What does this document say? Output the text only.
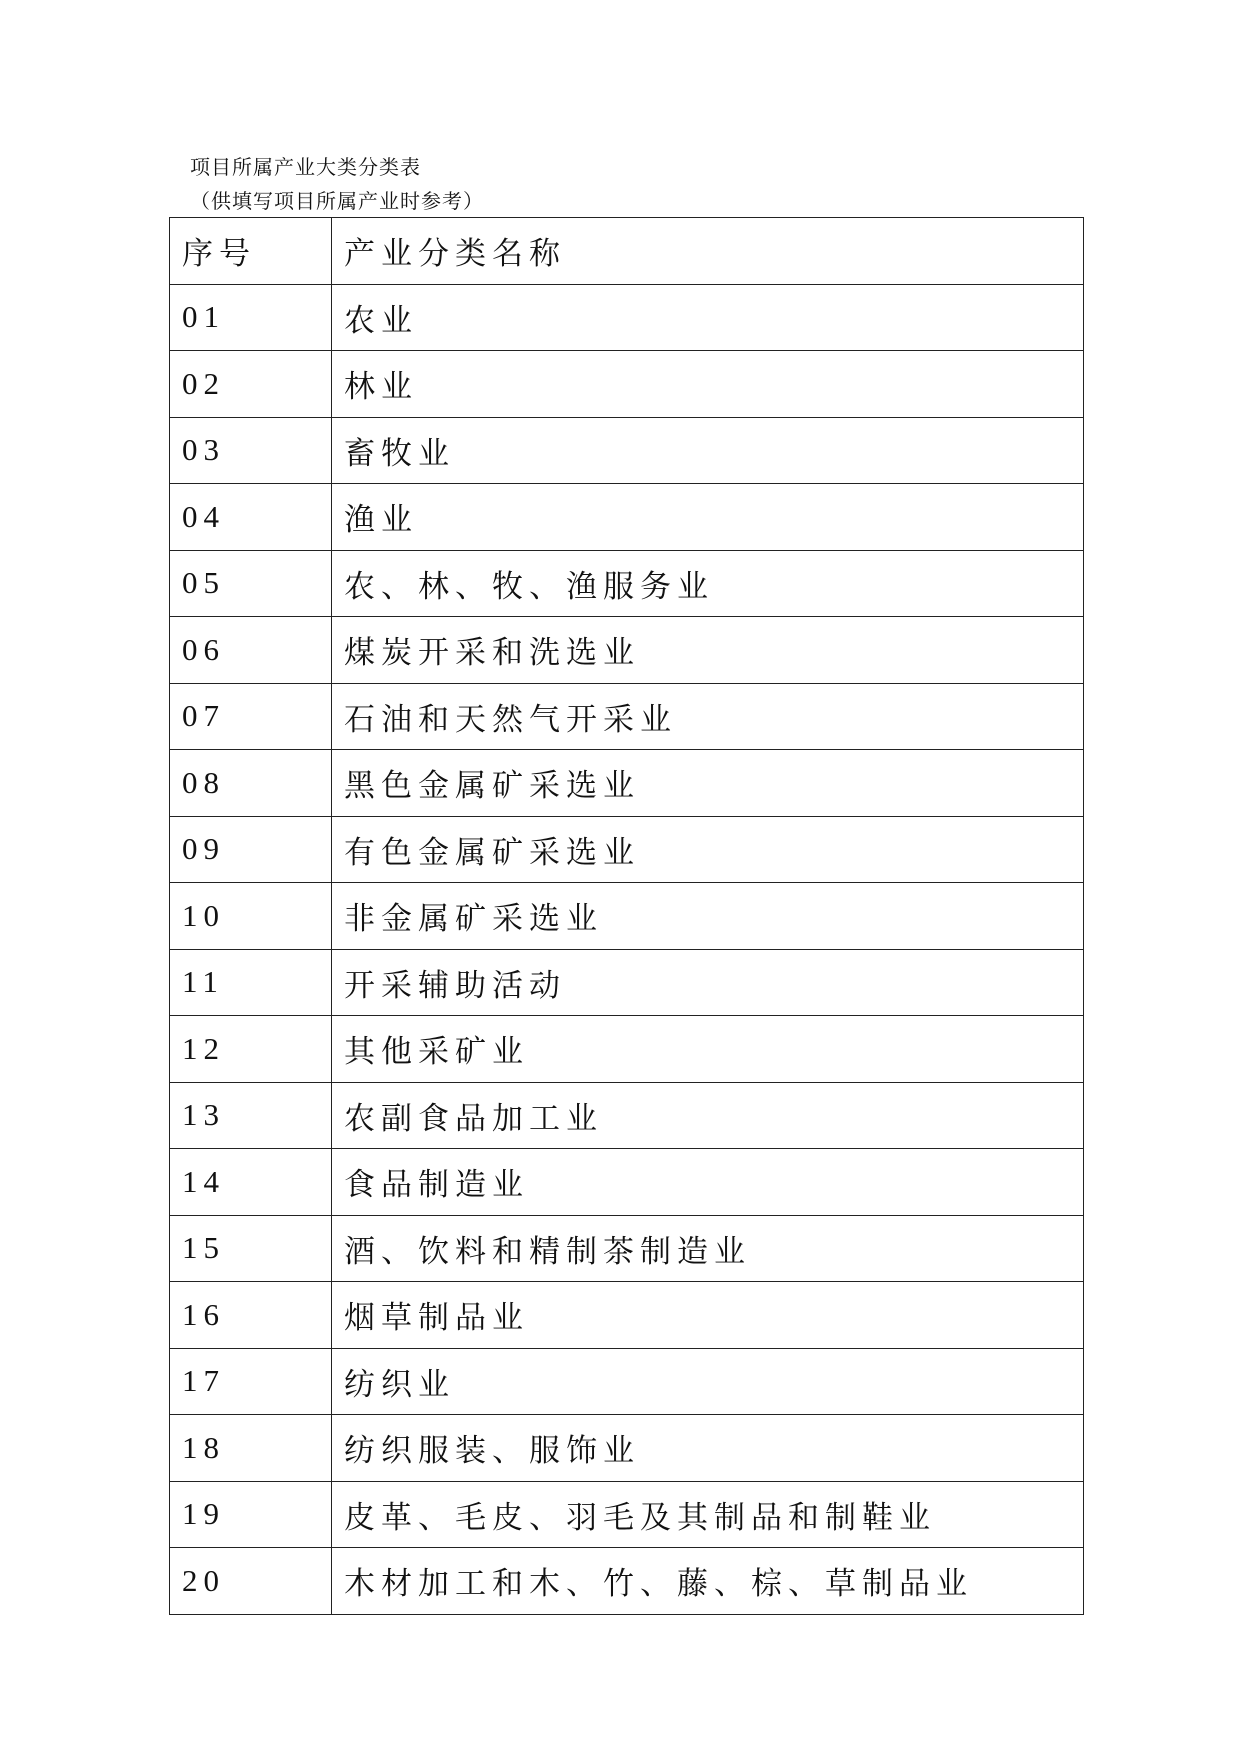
项目所属产业大类分类表
（供填写项目所属产业时参考）
序号	产业分类名称
01	农业
02	林业
03	畜牧业
04	渔业
05	农、林、牧、渔服务业
06	煤炭开采和洗选业
07	石油和天然气开采业
08	黑色金属矿采选业
09	有色金属矿采选业
10	非金属矿采选业
11	开采辅助活动
12	其他采矿业
13	农副食品加工业
14	食品制造业
15	酒、饮料和精制茶制造业
16	烟草制品业
17	纺织业
18	纺织服装、服饰业
19	皮革、毛皮、羽毛及其制品和制鞋业
20	木材加工和木、竹、藤、棕、草制品业
